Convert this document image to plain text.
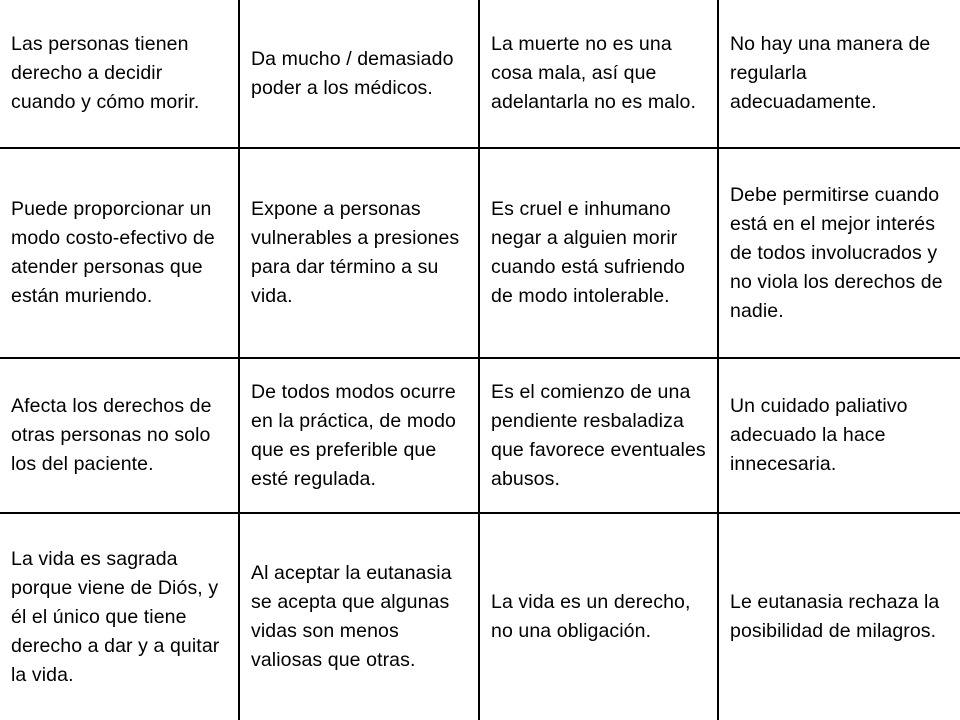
Las personas tienen derecho a decidir cuando y cómo morir.
Da mucho / demasiado poder a los médicos.
La muerte no es una cosa mala, así que adelantarla no es malo.
No hay una manera de regularla adecuadamente.
Puede proporcionar un modo costo-efectivo de atender personas que están muriendo.
Expone a personas vulnerables a presiones para dar término a su vida.
Es cruel e inhumano negar a alguien morir cuando está sufriendo de modo intolerable.
Debe permitirse cuando está en el mejor interés de todos involucrados y no viola los derechos de nadie.
Afecta los derechos de otras personas no solo los del paciente.
De todos modos ocurre en la práctica, de modo que es preferible que esté regulada.
Es el comienzo de una pendiente resbaladiza que favorece eventuales abusos.
Un cuidado paliativo adecuado la hace innecesaria.
La vida es sagrada porque viene de Diós, y él el único que tiene derecho a dar y a quitar la vida.
Al aceptar la eutanasia se acepta que algunas vidas son menos valiosas que otras.
La vida es un derecho, no una obligación.
Le eutanasia rechaza la posibilidad de milagros.
